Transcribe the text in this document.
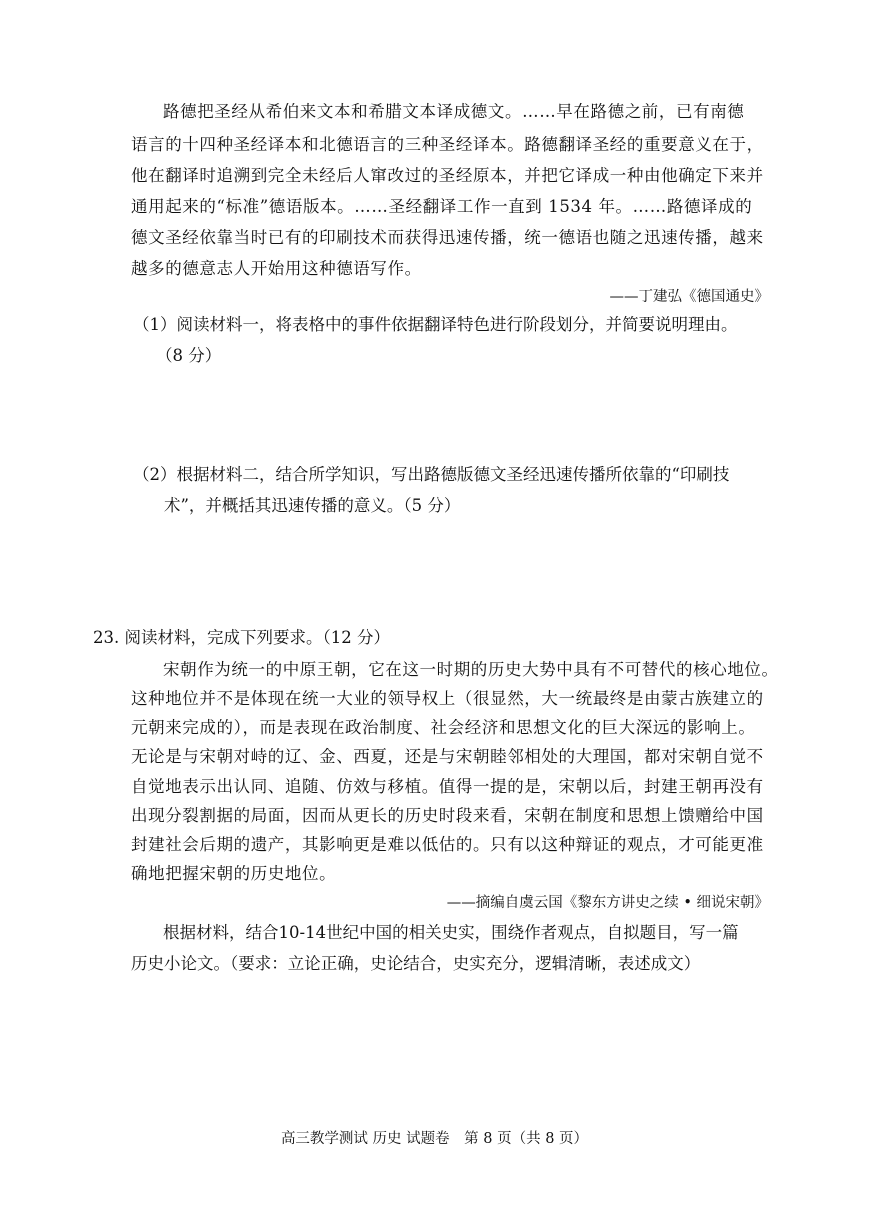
路德把圣经从希伯来文本和希腊文本译成德文。……早在路德之前，已有南德
语言的十四种圣经译本和北德语言的三种圣经译本。路德翻译圣经的重要意义在于，
他在翻译时追溯到完全未经后人窜改过的圣经原本，并把它译成一种由他确定下来并
通用起来的“标准”德语版本。……圣经翻译工作一直到 1534 年。……路德译成的
德文圣经依靠当时已有的印刷技术而获得迅速传播，统一德语也随之迅速传播，越来
越多的德意志人开始用这种德语写作。
——丁建弘《德国通史》
（1）阅读材料一，将表格中的事件依据翻译特色进行阶段划分，并简要说明理由。
（8 分）
（2）根据材料二，结合所学知识，写出路德版德文圣经迅速传播所依靠的“印刷技
术”，并概括其迅速传播的意义。（5 分）
23. 阅读材料，完成下列要求。（12 分）
宋朝作为统一的中原王朝，它在这一时期的历史大势中具有不可替代的核心地位。
这种地位并不是体现在统一大业的领导权上（很显然，大一统最终是由蒙古族建立的
元朝来完成的），而是表现在政治制度、社会经济和思想文化的巨大深远的影响上。
无论是与宋朝对峙的辽、金、西夏，还是与宋朝睦邻相处的大理国，都对宋朝自觉不
自觉地表示出认同、追随、仿效与移植。值得一提的是，宋朝以后，封建王朝再没有
出现分裂割据的局面，因而从更长的历史时段来看，宋朝在制度和思想上馈赠给中国
封建社会后期的遗产，其影响更是难以低估的。只有以这种辩证的观点，才可能更准
确地把握宋朝的历史地位。
——摘编自虞云国《黎东方讲史之续 • 细说宋朝》
根据材料，结合10-14世纪中国的相关史实，围绕作者观点，自拟题目，写一篇
历史小论文。（要求：立论正确，史论结合，史实充分，逻辑清晰，表述成文）
高三教学测试 历史 试题卷　第 8 页（共 8 页）
